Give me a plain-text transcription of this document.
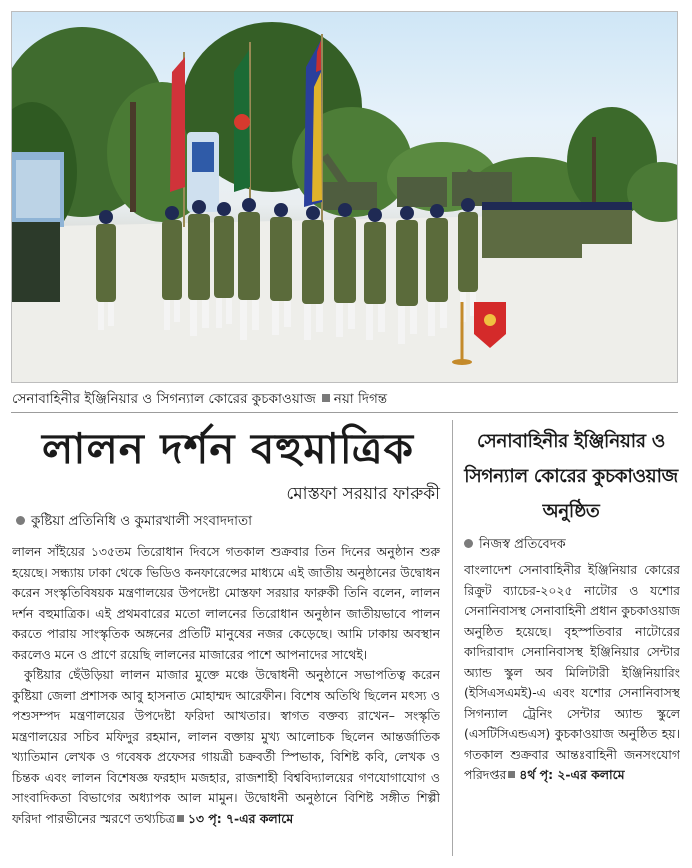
সেনাবাহিনীর ইঞ্জিনিয়ার ও সিগন্যাল কোরের কুচকাওয়াজ নয়া দিগন্ত
লালন দর্শন বহুমাত্রিক
মোস্তফা সরয়ার ফারুকী
কুষ্টিয়া প্রতিনিধি ও কুমারখালী সংবাদদাতা

লালন সাঁইয়ের ১৩৫তম তিরোধান দিবসে গতকাল শুক্রবার তিন দিনের অনুষ্ঠান শুরু হয়েছে। সন্ধ্যায় ঢাকা থেকে ভিডিও কনফারেন্সের মাধ্যমে এই জাতীয় অনুষ্ঠানের উদ্বোধন করেন সংস্কৃতিবিষয়ক মন্ত্রণালয়ের উপদেষ্টা মোস্তফা সরয়ার ফারুকী তিনি বলেন, লালন দর্শন বহুমাত্রিক। এই প্রথমবারের মতো লালনের তিরোধান অনুষ্ঠান জাতীয়ভাবে পালন করতে পারায় সাংস্কৃতিক অঙ্গনের প্রতিটি মানুষের নজর কেড়েছে। আমি ঢাকায় অবস্থান করলেও মনে ও প্রাণে রয়েছি লালনের মাজারের পাশে আপনাদের সাথেই।

কুষ্টিয়ার ছেঁউড়িয়া লালন মাজার মুক্তে মঞ্চে উদ্বোধনী অনুষ্ঠানে সভাপতিত্ব করেন কুষ্টিয়া জেলা প্রশাসক আবু হাসনাত মোহাম্মদ আরেফীন। বিশেষ অতিথি ছিলেন মৎস্য ও পশুসম্পদ মন্ত্রণালয়ের উপদেষ্টা ফরিদা আখতার। স্বাগত বক্তব্য রাখেন– সংস্কৃতি মন্ত্রণালয়ের সচিব মফিদুর রহমান, লালন বক্তায় মুখ্য আলোচক ছিলেন আন্তর্জাতিক খ্যাতিমান লেখক ও গবেষক প্রফেসর গায়ত্রী চক্রবর্তী স্পিভাক, বিশিষ্ট কবি, লেখক ও চিন্তক এবং লালন বিশেষজ্ঞ ফরহাদ মজহার, রাজশাহী বিশ্ববিদ্যালয়ের গণযোগাযোগ ও সাংবাদিকতা বিভাগের অধ্যাপক আল মামুন। উদ্বোধনী অনুষ্ঠানে বিশিষ্ট সঙ্গীত শিল্পী ফরিদা পারভীনের স্মরণে তথ্যচিত্র ১৩ পৃ: ৭-এর কলামে

সেনাবাহিনীর ইঞ্জিনিয়ার ও সিগন্যাল কোরের কুচকাওয়াজ অনুষ্ঠিত
নিজস্ব প্রতিবেদক
বাংলাদেশ সেনাবাহিনীর ইঞ্জিনিয়ার কোরের রিক্রুট ব্যাচের-২০২৫ নাটোর ও যশোর সেনানিবাসস্থ সেনাবাহিনী প্রধান কুচকাওয়াজ অনুষ্ঠিত হয়েছে। বৃহস্পতিবার নাটোরের কাদিরাবাদ সেনানিবাসস্থ ইঞ্জিনিয়ার সেন্টার অ্যান্ড স্কুল অব মিলিটারী ইঞ্জিনিয়ারিং (ইসিএসএমই)-এ এবং যশোর সেনানিবাসস্থ সিগন্যাল ট্রেনিং সেন্টার অ্যান্ড স্কুলে (এসটিসিএন্ডএস) কুচকাওয়াজ অনুষ্ঠিত হয়। গতকাল শুক্রবার আন্তঃবাহিনী জনসংযোগ পরিদপ্তর ৪র্থ পৃ: ২-এর কলামে
